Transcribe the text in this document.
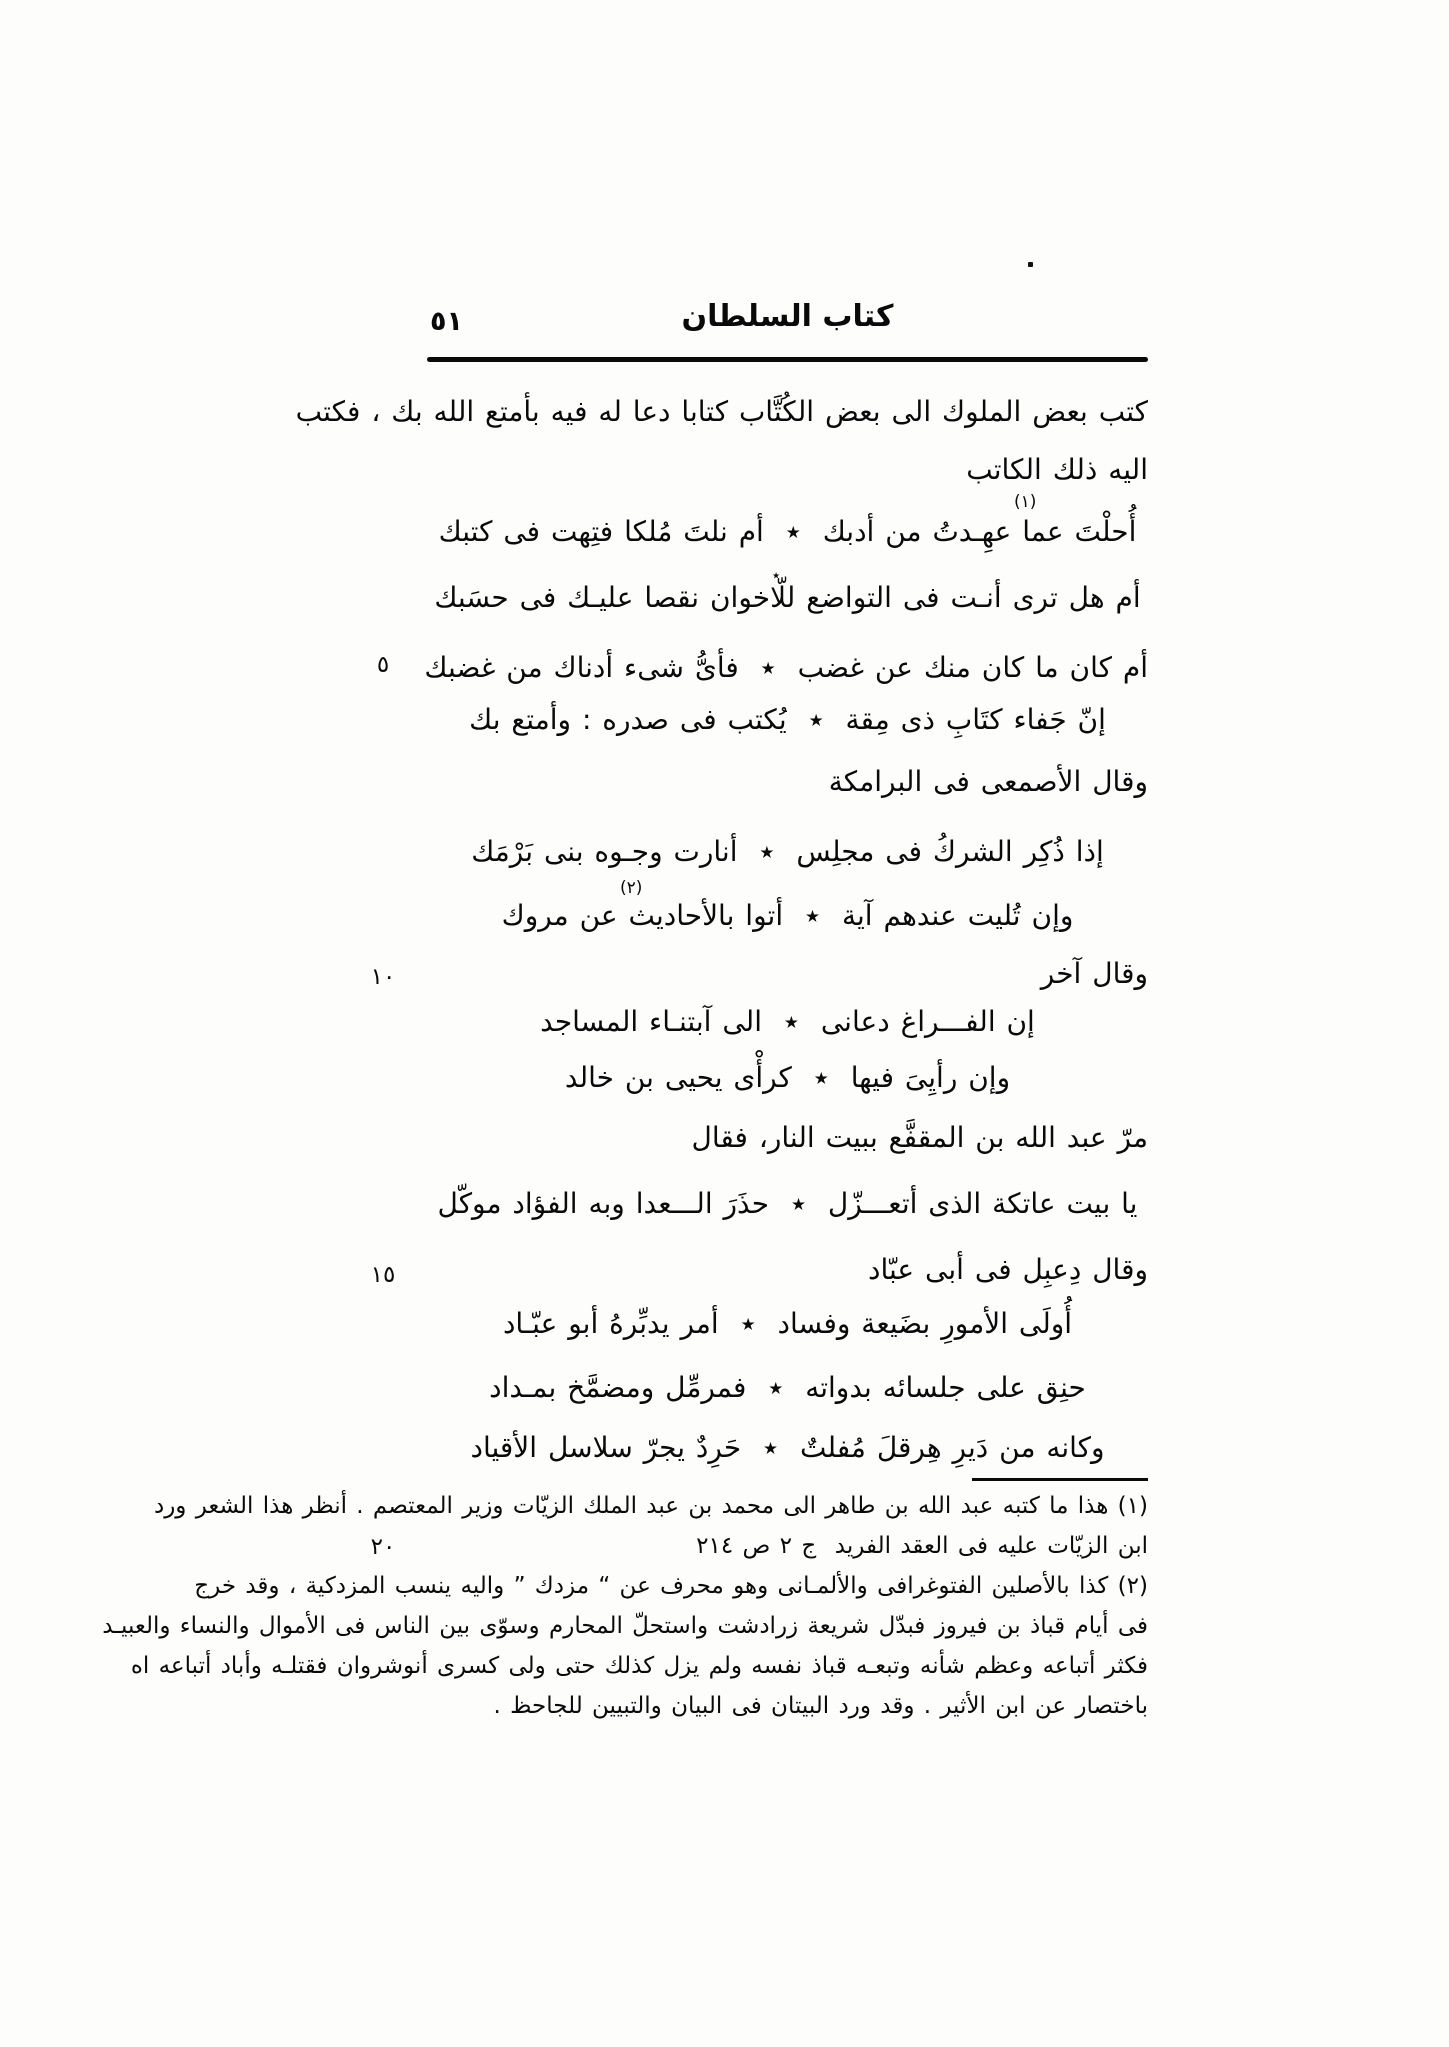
٥١	كتاب السلطان
كتب بعض الملوك الى بعض الكُتَّاب كتابا دعا له فيه بأمتع الله بك ، فكتب
اليه ذلك الكاتب
(١)
أُحلْتَ عما عهِـدتُ من أدبك  ٭  أم نلتَ مُلكا فتِهت فى كتبك
٭
أم هل ترى أنـت فى التواضع للّاخوان نقصا عليـك فى حسَبك
أم كان ما كان منك عن غضب  ٭  فأىُّ شىء أدناك من غضبك
إنّ جَفاء كتَابِ ذى مِقة  ٭  يُكتب فى صدره : وأمتع بك
وقال الأصمعى فى البرامكة
إذا ذُكِر الشركُ فى مجلِس  ٭  أنارت وجـوه بنى بَرْمَك
(٢)
وإن تُليت عندهم آية  ٭  أتوا بالأحاديث عن مروك
وقال آخر
إن الفـــراغ دعانى  ٭  الى آبتنـاء المساجد
وإن رأيِىَ فيها  ٭  كرأْى يحيى بن خالد
مرّ عبد الله بن المقفَّع ببيت النار، فقال
يا بيت عاتكة الذى أتعـــزّل  ٭  حذَرَ الـــعدا وبه الفؤاد موكّل
وقال دِعبِل فى أبى عبّاد
أُولَى الأمورِ بضَيعة وفساد  ٭  أمر يدبِّرهُ أبو عبّـاد
حنِق على جلسائه بدواته  ٭  فمرمِّل ومضمَّخ بمـداد
وكانه من دَيرِ هِرقلَ مُفلتٌ  ٭  حَرِدٌ يجرّ سلاسل الأقياد
(١) هذا ما كتبه عبد الله بن طاهر الى محمد بن عبد الملك الزيّات وزير المعتصم . أنظر هذا الشعر ورد
ابن الزيّات عليه فى العقد الفريد  ج ٢ ص ٢١٤
(٢) كذا بالأصلين الفتوغرافى والألمـانى وهو محرف عن “ مزدك ” واليه ينسب المزدكية ، وقد خرج
فى أيام قباذ بن فيروز فبدّل شريعة زرادشت واستحلّ المحارم وسوّى بين الناس فى الأموال والنساء والعبيـد
فكثر أتباعه وعظم شأنه وتبعـه قباذ نفسه ولم يزل كذلك حتى ولى كسرى أنوشروان فقتلـه وأباد أتباعه اه
باختصار عن ابن الأثير . وقد ورد البيتان فى البيان والتبيين للجاحظ .
٥
١٠
١٥
٢٠
